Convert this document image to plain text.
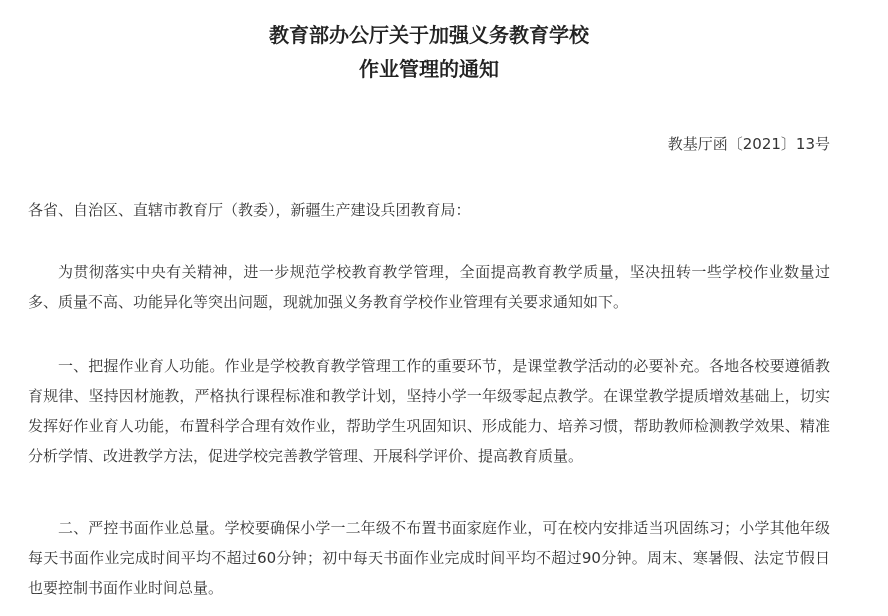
教育部办公厅关于加强义务教育学校
作业管理的通知
教基厅函〔2021〕13号

各省、自治区、直辖市教育厅（教委），新疆生产建设兵团教育局：

为贯彻落实中央有关精神，进一步规范学校教育教学管理，全面提高教育教学质量，坚决扭转一些学校作业数量过多、质量不高、功能异化等突出问题，现就加强义务教育学校作业管理有关要求通知如下。

一、把握作业育人功能。作业是学校教育教学管理工作的重要环节，是课堂教学活动的必要补充。各地各校要遵循教育规律、坚持因材施教，严格执行课程标准和教学计划，坚持小学一年级零起点教学。在课堂教学提质增效基础上，切实发挥好作业育人功能，布置科学合理有效作业，帮助学生巩固知识、形成能力、培养习惯，帮助教师检测教学效果、精准分析学情、改进教学方法，促进学校完善教学管理、开展科学评价、提高教育质量。

二、严控书面作业总量。学校要确保小学一二年级不布置书面家庭作业，可在校内安排适当巩固练习；小学其他年级每天书面作业完成时间平均不超过60分钟；初中每天书面作业完成时间平均不超过90分钟。周末、寒暑假、法定节假日也要控制书面作业时间总量。
